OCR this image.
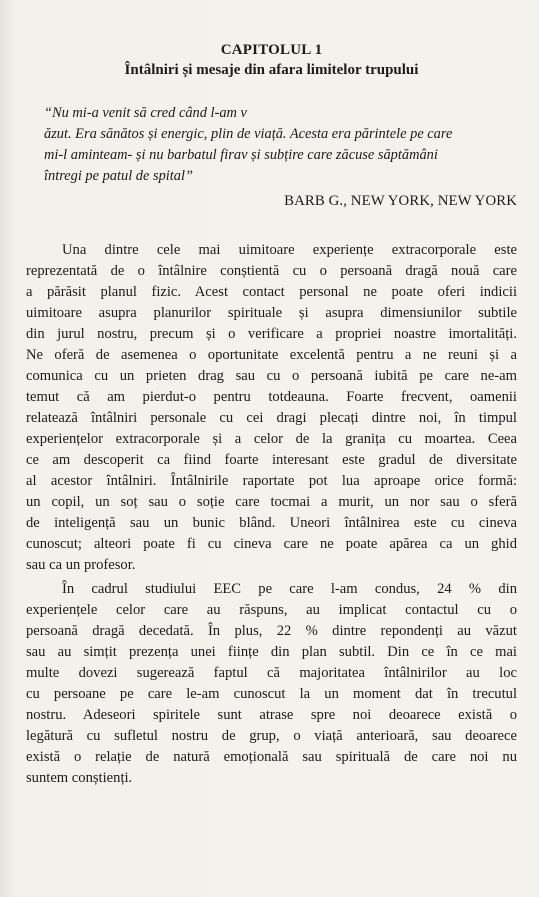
CAPITOLUL 1
Întâlniri și mesaje din afara limitelor trupului
“Nu mi-a venit să cred când l-am v
ăzut. Era sănătos și energic, plin de viață. Acesta era părintele pe care
mi-l aminteam- și nu barbatul firav și subțire care zăcuse săptămâni
întregi pe patul de spital”
BARB G., NEW YORK, NEW YORK
Una dintre cele mai uimitoare experiențe extracorporale este
reprezentată de o întâlnire conștientă cu o persoană dragă nouă care
a părăsit planul fizic. Acest contact personal ne poate oferi indicii
uimitoare asupra planurilor spirituale și asupra dimensiunilor subtile
din jurul nostru, precum și o verificare a propriei noastre imortalități.
Ne oferă de asemenea o oportunitate excelentă pentru a ne reuni și a
comunica cu un prieten drag sau cu o persoană iubită pe care ne-am
temut că am pierdut-o pentru totdeauna. Foarte frecvent, oamenii
relatează întâlniri personale cu cei dragi plecați dintre noi, în timpul
experiențelor extracorporale și a celor de la granița cu moartea. Ceea
ce am descoperit ca fiind foarte interesant este gradul de diversitate
al acestor întâlniri. Întâlnirile raportate pot lua aproape orice formă:
un copil, un soț sau o soție care tocmai a murit, un nor sau o sferă
de inteligență sau un bunic blând. Uneori întâlnirea este cu cineva
cunoscut; alteori poate fi cu cineva care ne poate apărea ca un ghid
sau ca un profesor.
În cadrul studiului EEC pe care l-am condus, 24 % din
experiențele celor care au răspuns, au implicat contactul cu o
persoană dragă decedată. În plus, 22 % dintre repondenți au văzut
sau au simțit prezența unei ființe din plan subtil. Din ce în ce mai
multe dovezi sugerează faptul că majoritatea întâlnirilor au loc
cu persoane pe care le-am cunoscut la un moment dat în trecutul
nostru. Adeseori spiritele sunt atrase spre noi deoarece există o
legătură cu sufletul nostru de grup, o viață anterioară, sau deoarece
există o relație de natură emoțională sau spirituală de care noi nu
suntem conștienți.
